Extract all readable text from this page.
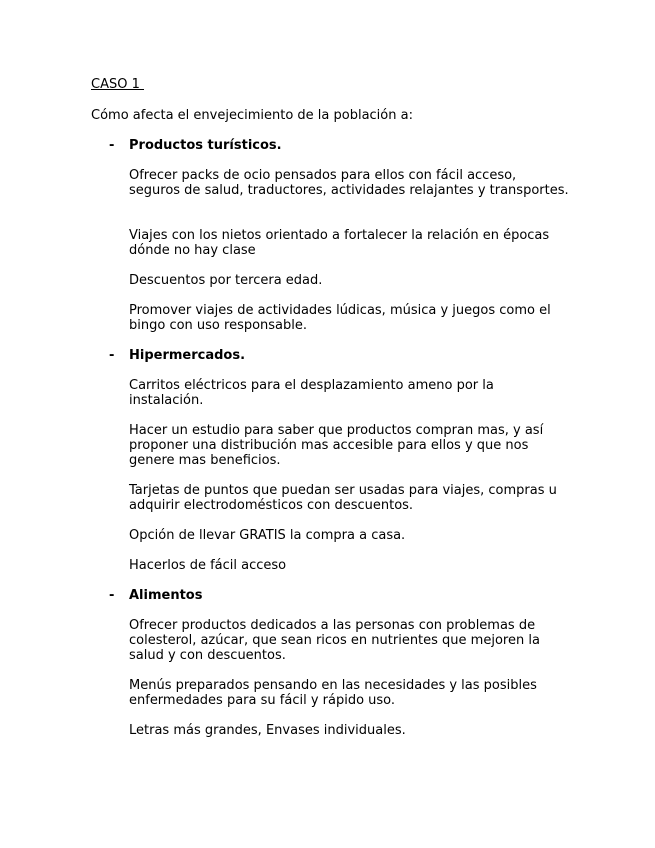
CASO 1

Cómo afecta el envejecimiento de la población a:

- Productos turísticos.

Ofrecer packs de ocio pensados para ellos con fácil acceso, seguros de salud, traductores, actividades relajantes y transportes.

Viajes con los nietos orientado a fortalecer la relación en épocas dónde no hay clase

Descuentos por tercera edad.

Promover viajes de actividades lúdicas, música y juegos como el bingo con uso responsable.

- Hipermercados.

Carritos eléctricos para el desplazamiento ameno por la instalación.

Hacer un estudio para saber que productos compran mas, y así proponer una distribución mas accesible para ellos y que nos genere mas beneficios.

Tarjetas de puntos que puedan ser usadas para viajes, compras u adquirir electrodomésticos con descuentos.

Opción de llevar GRATIS la compra a casa.

Hacerlos de fácil acceso

- Alimentos

Ofrecer productos dedicados a las personas con problemas de colesterol, azúcar, que sean ricos en nutrientes que mejoren la salud y con descuentos.

Menús preparados pensando en las necesidades y las posibles enfermedades para su fácil y rápido uso.

Letras más grandes, Envases individuales.
